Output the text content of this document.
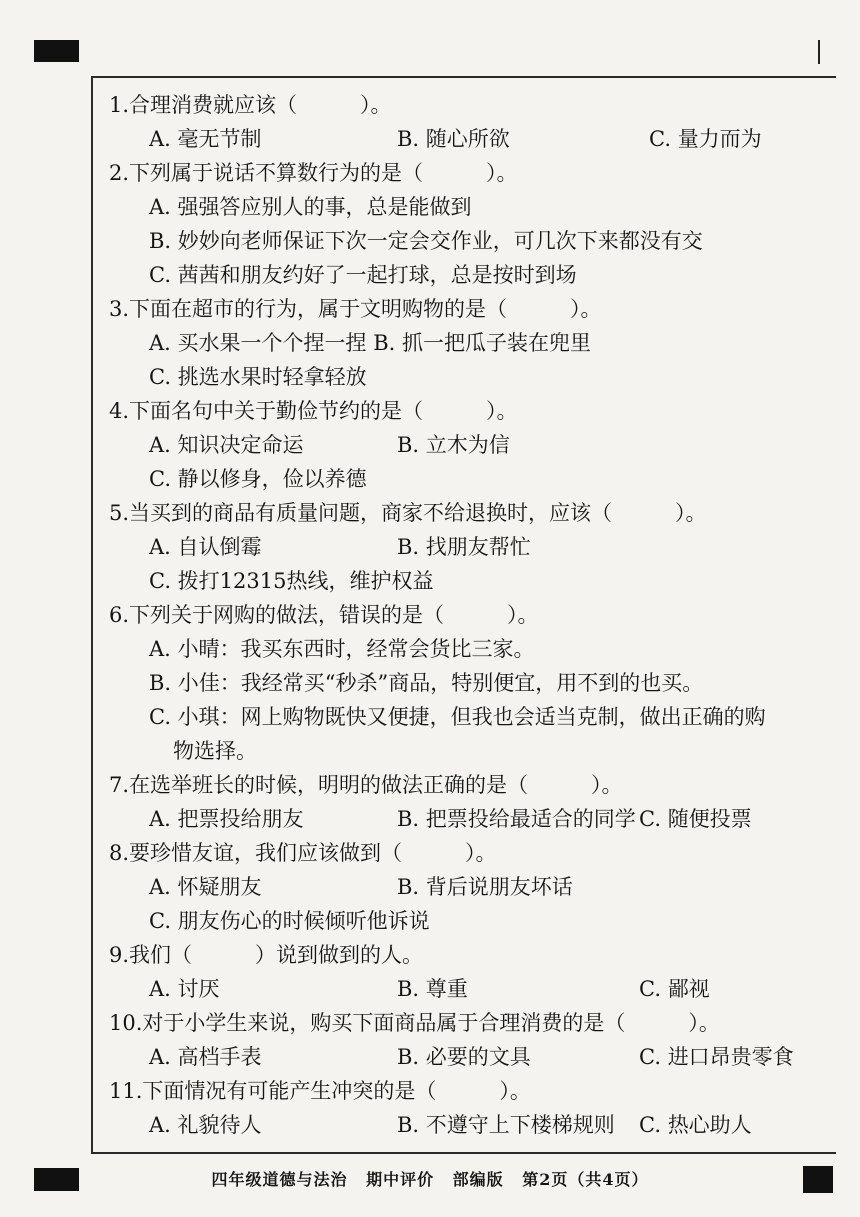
1.合理消费就应该（　　　）。
A. 毫无节制	B. 随心所欲	C. 量力而为
2.下列属于说话不算数行为的是（　　　）。
A. 强强答应别人的事，总是能做到
B. 妙妙向老师保证下次一定会交作业，可几次下来都没有交
C. 茜茜和朋友约好了一起打球，总是按时到场
3.下面在超市的行为，属于文明购物的是（　　　）。
A. 买水果一个个捏一捏 B. 抓一把瓜子装在兜里
C. 挑选水果时轻拿轻放
4.下面名句中关于勤俭节约的是（　　　）。
A. 知识决定命运	B. 立木为信
C. 静以修身，俭以养德
5.当买到的商品有质量问题，商家不给退换时，应该（　　　）。
A. 自认倒霉	B. 找朋友帮忙
C. 拨打12315热线，维护权益
6.下列关于网购的做法，错误的是（　　　）。
A. 小晴：我买东西时，经常会货比三家。
B. 小佳：我经常买“秒杀”商品，特别便宜，用不到的也买。
C. 小琪：网上购物既快又便捷，但我也会适当克制，做出正确的购
物选择。
7.在选举班长的时候，明明的做法正确的是（　　　）。
A. 把票投给朋友	B. 把票投给最适合的同学 C. 随便投票
8.要珍惜友谊，我们应该做到（　　　）。
A. 怀疑朋友	B. 背后说朋友坏话
C. 朋友伤心的时候倾听他诉说
9.我们（　　　）说到做到的人。
A. 讨厌	B. 尊重	C. 鄙视
10.对于小学生来说，购买下面商品属于合理消费的是（　　　）。
A. 高档手表	B. 必要的文具	C. 进口昂贵零食
11.下面情况有可能产生冲突的是（　　　）。
A. 礼貌待人	B. 不遵守上下楼梯规则 C. 热心助人
四年级道德与法治 期中评价 部编版 第2页（共4页）
